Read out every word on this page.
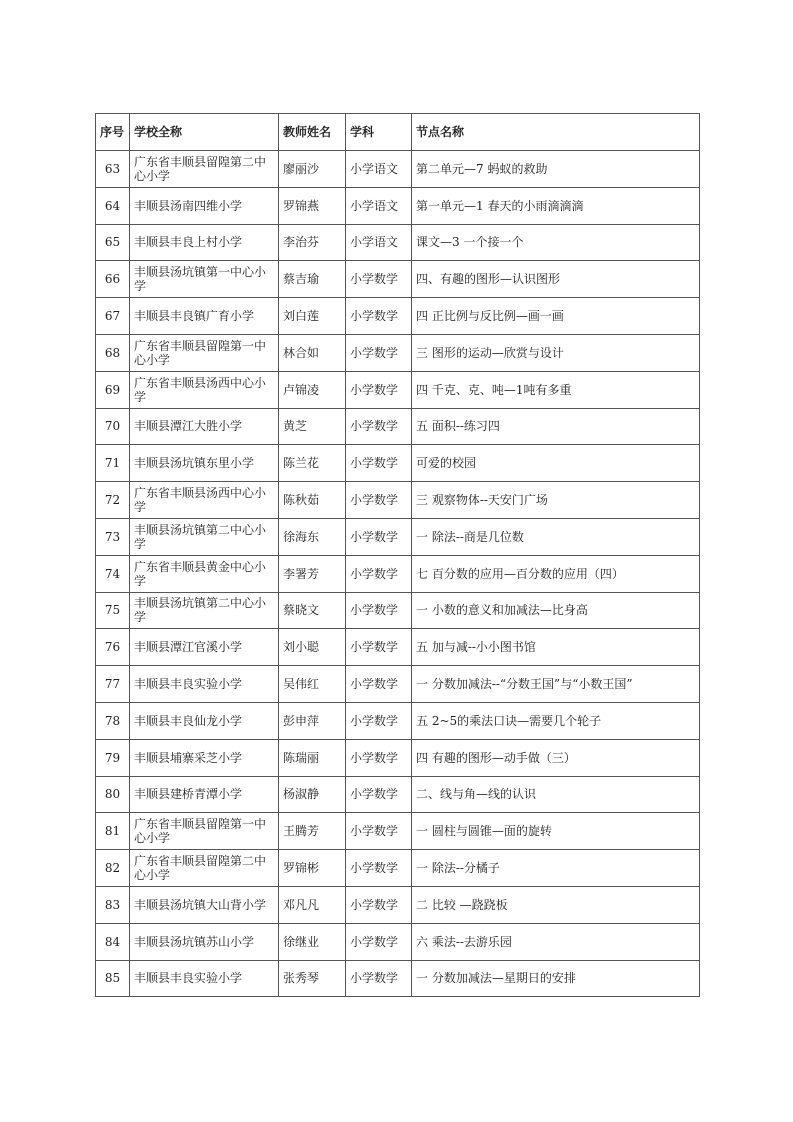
序号	学校全称	教师姓名	学科	节点名称
63	广东省丰顺县留隍第二中心小学	廖丽沙	小学语文	第二单元—7 蚂蚁的救助
64	丰顺县汤南四维小学	罗锦燕	小学语文	第一单元—1 春天的小雨滴滴滴
65	丰顺县丰良上村小学	李治芬	小学语文	课文—3 一个接一个
66	丰顺县汤坑镇第一中心小学	蔡吉瑜	小学数学	四、有趣的图形—认识图形
67	丰顺县丰良镇广育小学	刘白莲	小学数学	四 正比例与反比例—画一画
68	广东省丰顺县留隍第一中心小学	林合如	小学数学	三 图形的运动—欣赏与设计
69	广东省丰顺县汤西中心小学	卢锦凌	小学数学	四 千克、克、吨—1吨有多重
70	丰顺县潭江大胜小学	黄芝	小学数学	五 面积--练习四
71	丰顺县汤坑镇东里小学	陈兰花	小学数学	可爱的校园
72	广东省丰顺县汤西中心小学	陈秋茹	小学数学	三 观察物体--天安门广场
73	丰顺县汤坑镇第二中心小学	徐海东	小学数学	一 除法--商是几位数
74	广东省丰顺县黄金中心小学	李署芳	小学数学	七 百分数的应用—百分数的应用（四）
75	丰顺县汤坑镇第二中心小学	蔡晓文	小学数学	一 小数的意义和加减法—比身高
76	丰顺县潭江官溪小学	刘小聪	小学数学	五 加与减--小小图书馆
77	丰顺县丰良实验小学	吴伟红	小学数学	一 分数加减法--“分数王国”与“小数王国”
78	丰顺县丰良仙龙小学	彭申萍	小学数学	五 2~5的乘法口诀—需要几个轮子
79	丰顺县埔寨采芝小学	陈瑞丽	小学数学	四 有趣的图形—动手做（三）
80	丰顺县建桥青潭小学	杨淑静	小学数学	二、线与角—线的认识
81	广东省丰顺县留隍第一中心小学	王腾芳	小学数学	一 圆柱与圆锥—面的旋转
82	广东省丰顺县留隍第二中心小学	罗锦彬	小学数学	一 除法--分橘子
83	丰顺县汤坑镇大山背小学	邓凡凡	小学数学	二 比较 —跷跷板
84	丰顺县汤坑镇苏山小学	徐继业	小学数学	六 乘法--去游乐园
85	丰顺县丰良实验小学	张秀琴	小学数学	一 分数加减法—星期日的安排
